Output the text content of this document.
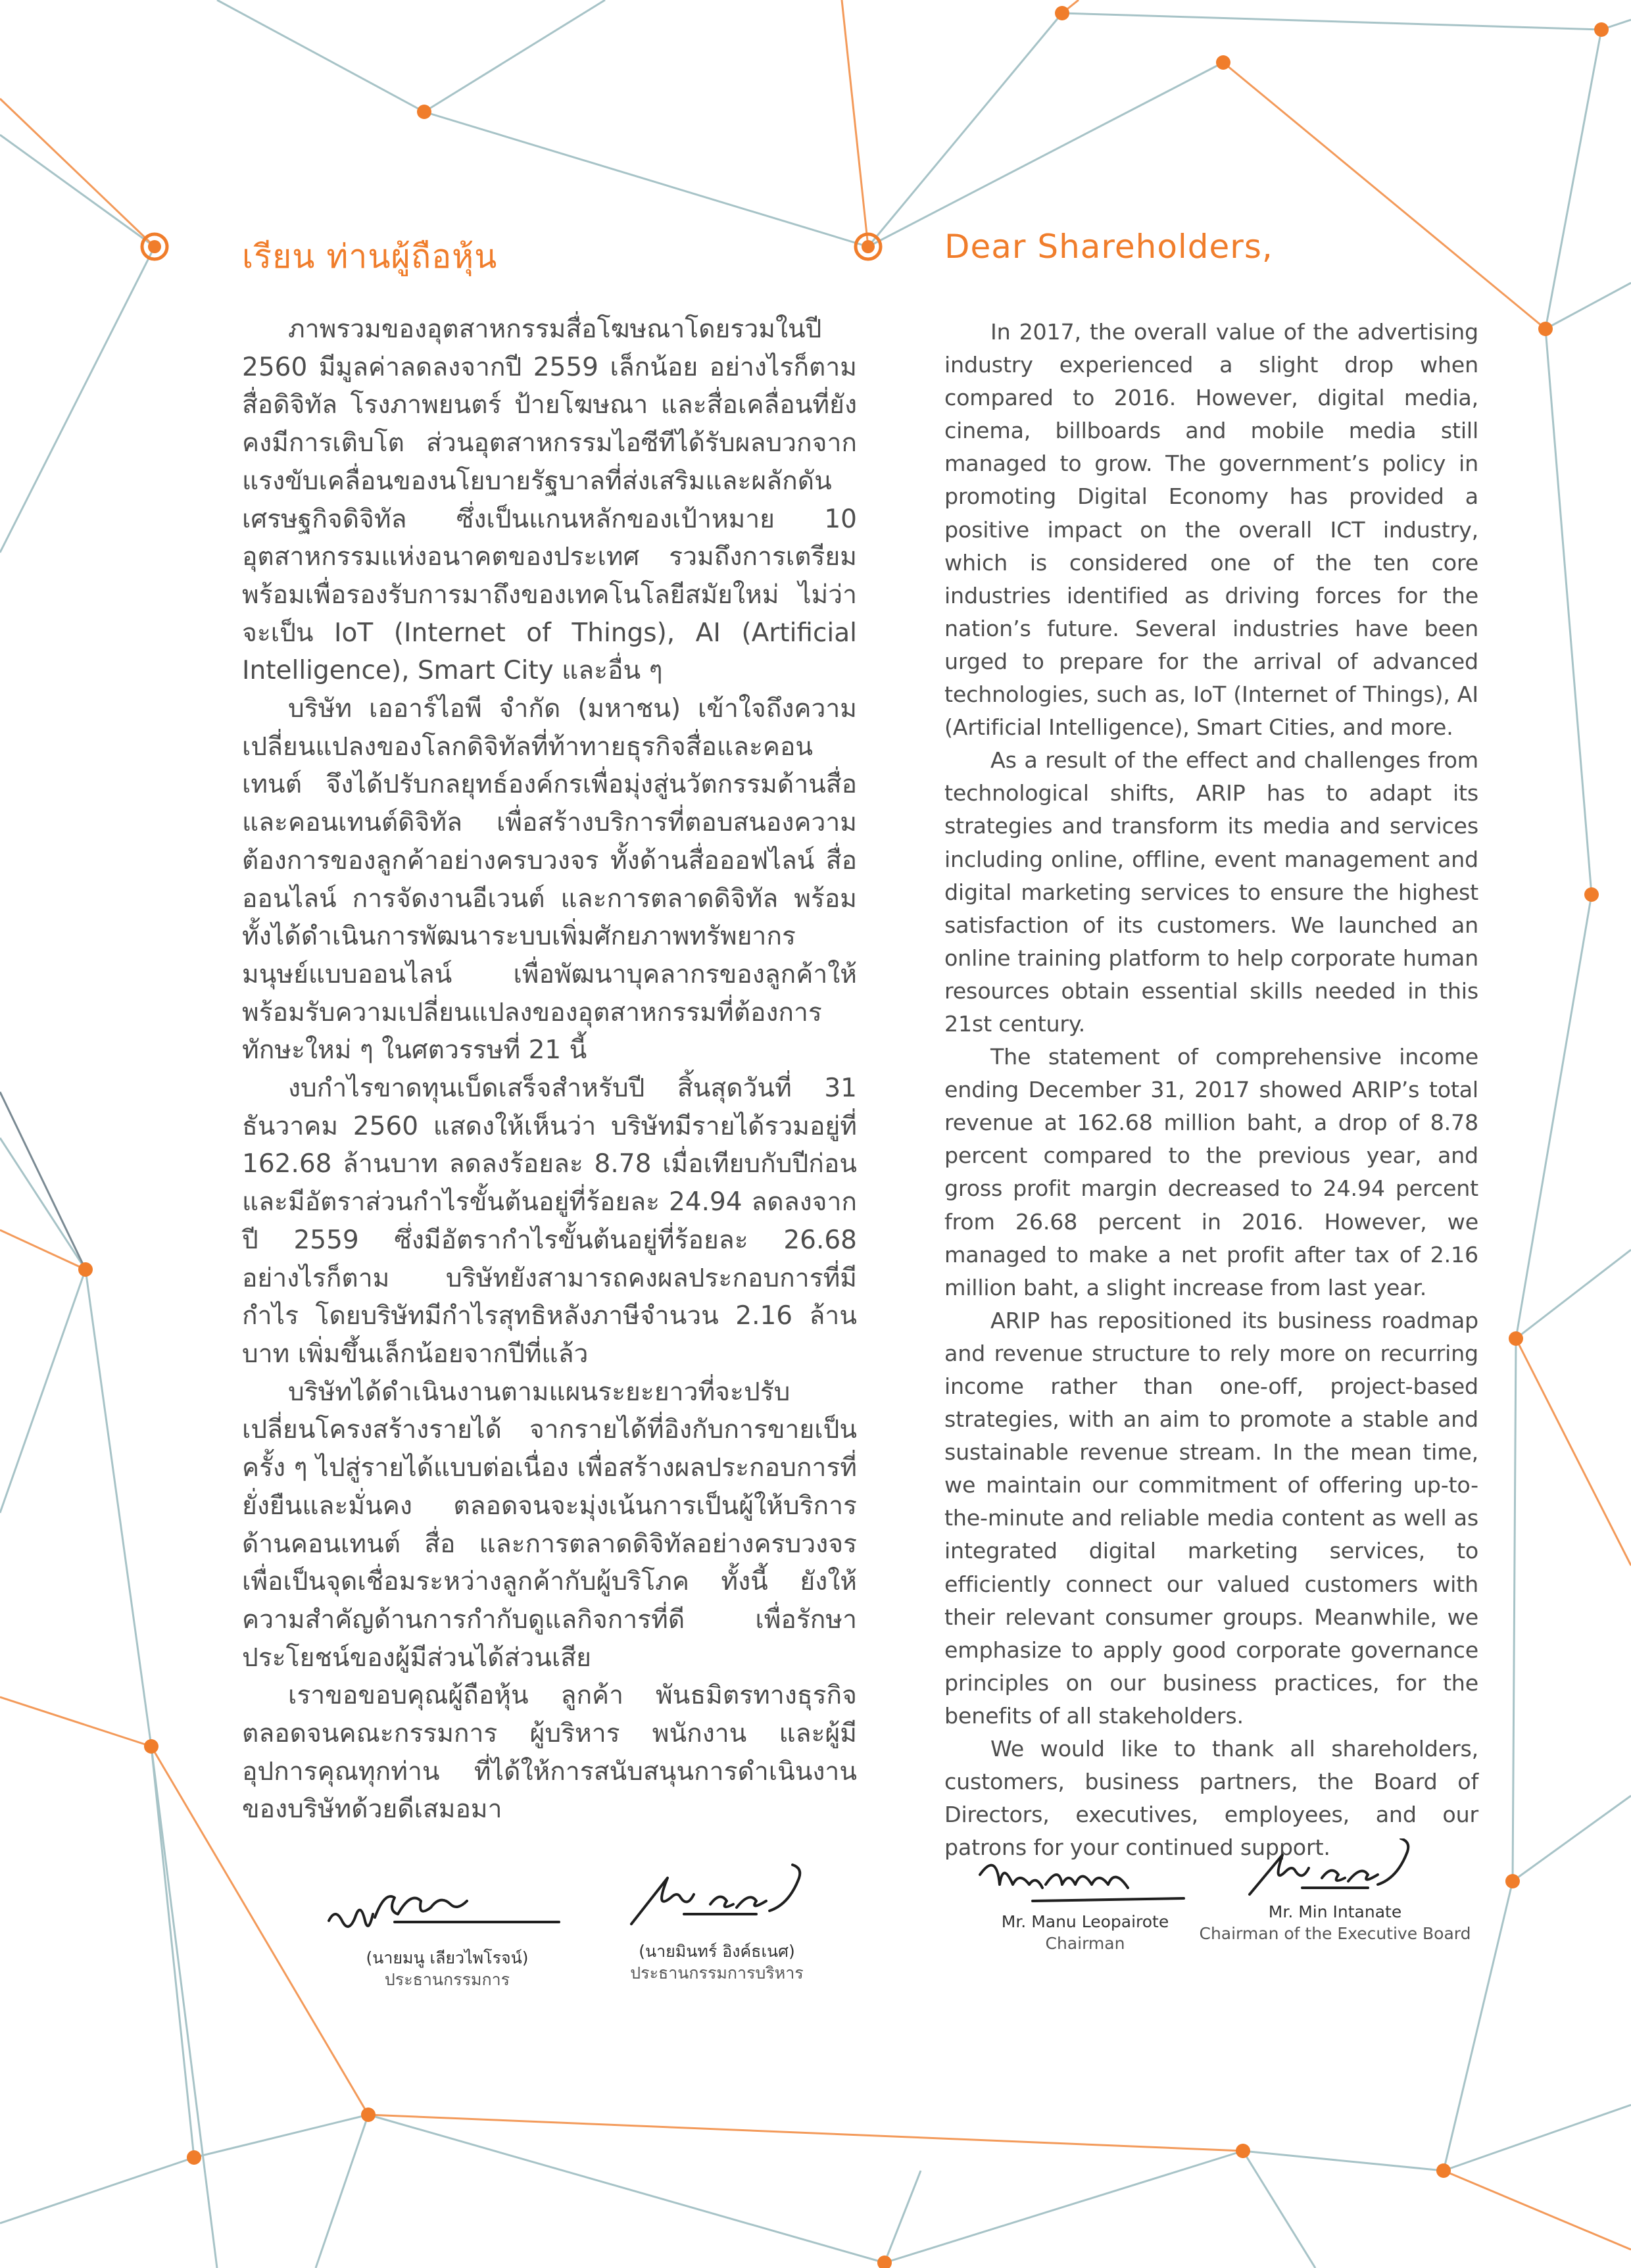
เรียน ท่านผู้ถือหุ้น

ภาพรวมของอุตสาหกรรมสื่อโฆษณาโดยรวมในปี 2560 มีมูลค่าลดลงจากปี 2559 เล็กน้อย อย่างไรก็ตามสื่อดิจิทัล โรงภาพยนตร์ ป้ายโฆษณา และสื่อเคลื่อนที่ยังคงมีการเติบโต ส่วนอุตสาหกรรมไอซีทีได้รับผลบวกจากแรงขับเคลื่อนของนโยบายรัฐบาลที่ส่งเสริมและผลักดันเศรษฐกิจดิจิทัล ซึ่งเป็นแกนหลักของเป้าหมาย 10 อุตสาหกรรมแห่งอนาคตของประเทศ รวมถึงการเตรียมพร้อมเพื่อรองรับการมาถึงของเทคโนโลยีสมัยใหม่ ไม่ว่าจะเป็น IoT (Internet of Things), AI (Artificial Intelligence), Smart City และอื่น ๆ

บริษัท เออาร์ไอพี จำกัด (มหาชน) เข้าใจถึงความเปลี่ยนแปลงของโลกดิจิทัลที่ท้าทายธุรกิจสื่อและคอนเทนต์ จึงได้ปรับกลยุทธ์องค์กรเพื่อมุ่งสู่นวัตกรรมด้านสื่อ และคอนเทนต์ดิจิทัล เพื่อสร้างบริการที่ตอบสนองความต้องการของลูกค้าอย่างครบวงจร ทั้งด้านสื่อออฟไลน์ สื่อออนไลน์ การจัดงานอีเวนต์ และการตลาดดิจิทัล พร้อมทั้งได้ดำเนินการพัฒนาระบบเพิ่มศักยภาพทรัพยากรมนุษย์แบบออนไลน์ เพื่อพัฒนาบุคลากรของลูกค้าให้พร้อมรับความเปลี่ยนแปลงของอุตสาหกรรมที่ต้องการทักษะใหม่ ๆ ในศตวรรษที่ 21 นี้

งบกำไรขาดทุนเบ็ดเสร็จสำหรับปี สิ้นสุดวันที่ 31 ธันวาคม 2560 แสดงให้เห็นว่า บริษัทมีรายได้รวมอยู่ที่ 162.68 ล้านบาท ลดลงร้อยละ 8.78 เมื่อเทียบกับปีก่อน และมีอัตราส่วนกำไรขั้นต้นอยู่ที่ร้อยละ 24.94 ลดลงจากปี 2559 ซึ่งมีอัตรากำไรขั้นต้นอยู่ที่ร้อยละ 26.68 อย่างไรก็ตาม บริษัทยังสามารถคงผลประกอบการที่มีกำไร โดยบริษัทมีกำไรสุทธิหลังภาษีจำนวน 2.16 ล้านบาท เพิ่มขึ้นเล็กน้อยจากปีที่แล้ว

บริษัทได้ดำเนินงานตามแผนระยะยาวที่จะปรับเปลี่ยนโครงสร้างรายได้ จากรายได้ที่อิงกับการขายเป็นครั้ง ๆ ไปสู่รายได้แบบต่อเนื่อง เพื่อสร้างผลประกอบการที่ยั่งยืนและมั่นคง ตลอดจนจะมุ่งเน้นการเป็นผู้ให้บริการด้านคอนเทนต์ สื่อ และการตลาดดิจิทัลอย่างครบวงจร เพื่อเป็นจุดเชื่อมระหว่างลูกค้ากับผู้บริโภค ทั้งนี้ ยังให้ความสำคัญด้านการกำกับดูแลกิจการที่ดี เพื่อรักษาประโยชน์ของผู้มีส่วนได้ส่วนเสีย

เราขอขอบคุณผู้ถือหุ้น ลูกค้า พันธมิตรทางธุรกิจ ตลอดจนคณะกรรมการ ผู้บริหาร พนักงาน และผู้มีอุปการคุณทุกท่าน ที่ได้ให้การสนับสนุนการดำเนินงานของบริษัทด้วยดีเสมอมา

Dear Shareholders,

In 2017, the overall value of the advertising industry experienced a slight drop when compared to 2016. However, digital media, cinema, billboards and mobile media still managed to grow. The government’s policy in promoting Digital Economy has provided a positive impact on the overall ICT industry, which is considered one of the ten core industries identified as driving forces for the nation’s future. Several industries have been urged to prepare for the arrival of advanced technologies, such as, IoT (Internet of Things), AI (Artificial Intelligence), Smart Cities, and more.

As a result of the effect and challenges from technological shifts, ARIP has to adapt its strategies and transform its media and services including online, offline, event management and digital marketing services to ensure the highest satisfaction of its customers. We launched an online training platform to help corporate human resources obtain essential skills needed in this 21st century.

The statement of comprehensive income ending December 31, 2017 showed ARIP’s total revenue at 162.68 million baht, a drop of 8.78 percent compared to the previous year, and gross profit margin decreased to 24.94 percent from 26.68 percent in 2016. However, we managed to make a net profit after tax of 2.16 million baht, a slight increase from last year.

ARIP has repositioned its business roadmap and revenue structure to rely more on recurring income rather than one-off, project-based strategies, with an aim to promote a stable and sustainable revenue stream. In the mean time, we maintain our commitment of offering up-to-the-minute and reliable media content as well as integrated digital marketing services, to efficiently connect our valued customers with their relevant consumer groups. Meanwhile, we emphasize to apply good corporate governance principles on our business practices, for the benefits of all stakeholders.

We would like to thank all shareholders, customers, business partners, the Board of Directors, executives, employees, and our patrons for your continued support.

(นายมนู เลียวไพโรจน์)
ประธานกรรมการ
(นายมินทร์ อิงค์ธเนศ)
ประธานกรรมการบริหาร
Mr. Manu Leopairote
Chairman
Mr. Min Intanate
Chairman of the Executive Board
